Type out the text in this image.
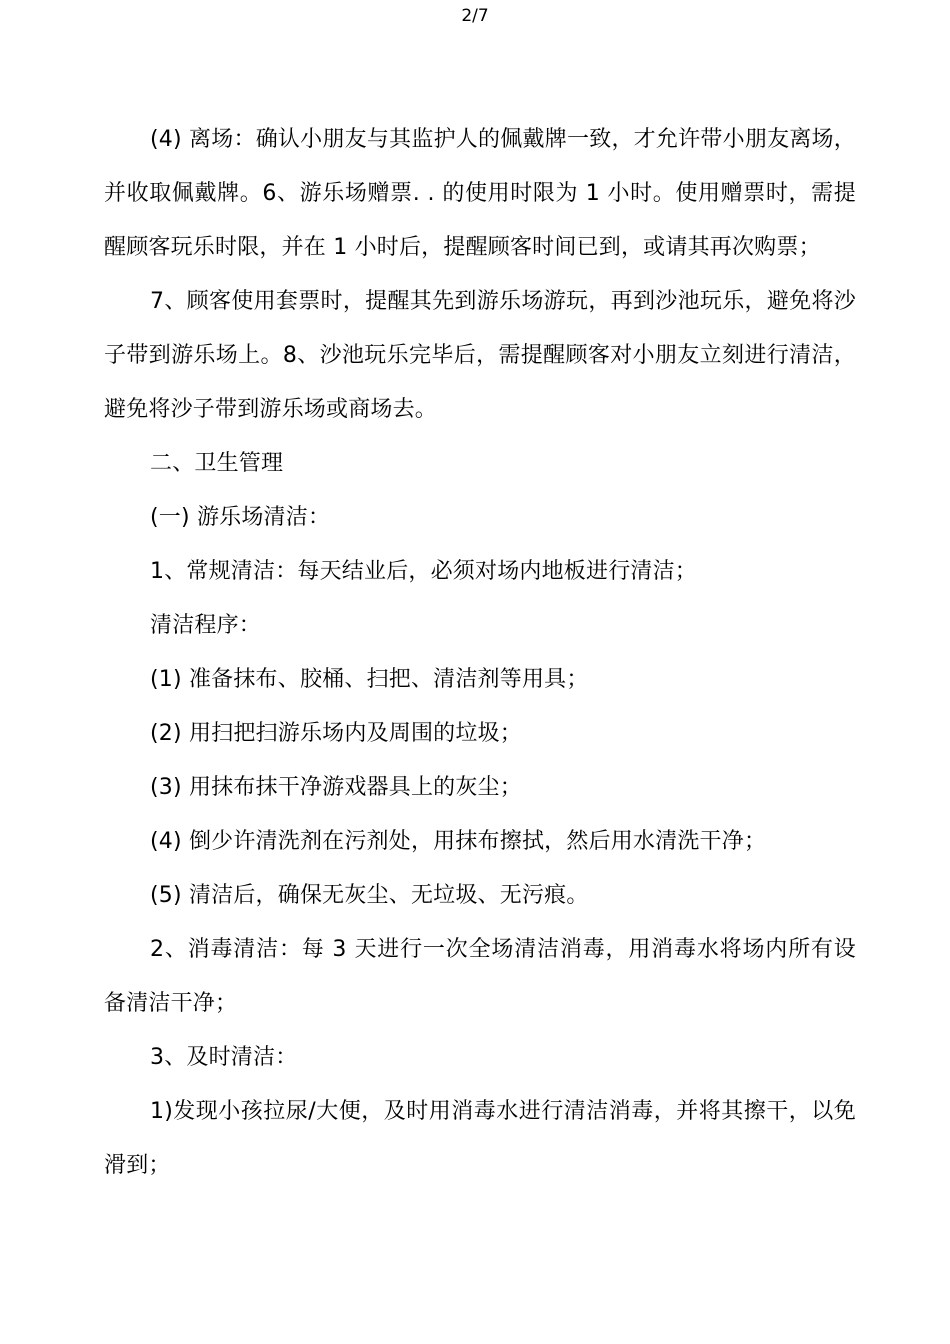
2/7

(4) 离场：确认小朋友与其监护人的佩戴牌一致，才允许带小朋友离场，并收取佩戴牌。6、游乐场赠票. . 的使用时限为 1 小时。使用赠票时，需提醒顾客玩乐时限，并在 1 小时后，提醒顾客时间已到，或请其再次购票；

7、顾客使用套票时，提醒其先到游乐场游玩，再到沙池玩乐，避免将沙子带到游乐场上。8、沙池玩乐完毕后，需提醒顾客对小朋友立刻进行清洁，避免将沙子带到游乐场或商场去。

二、卫生管理

(一) 游乐场清洁：

1、常规清洁：每天结业后，必须对场内地板进行清洁；

清洁程序：

(1) 准备抹布、胶桶、扫把、清洁剂等用具；

(2) 用扫把扫游乐场内及周围的垃圾；

(3) 用抹布抹干净游戏器具上的灰尘；

(4) 倒少许清洗剂在污剂处，用抹布擦拭，然后用水清洗干净；

(5) 清洁后，确保无灰尘、无垃圾、无污痕。

2、消毒清洁：每 3 天进行一次全场清洁消毒，用消毒水将场内所有设备清洁干净；

3、及时清洁：

1)发现小孩拉尿/大便，及时用消毒水进行清洁消毒，并将其擦干，以免滑到；
